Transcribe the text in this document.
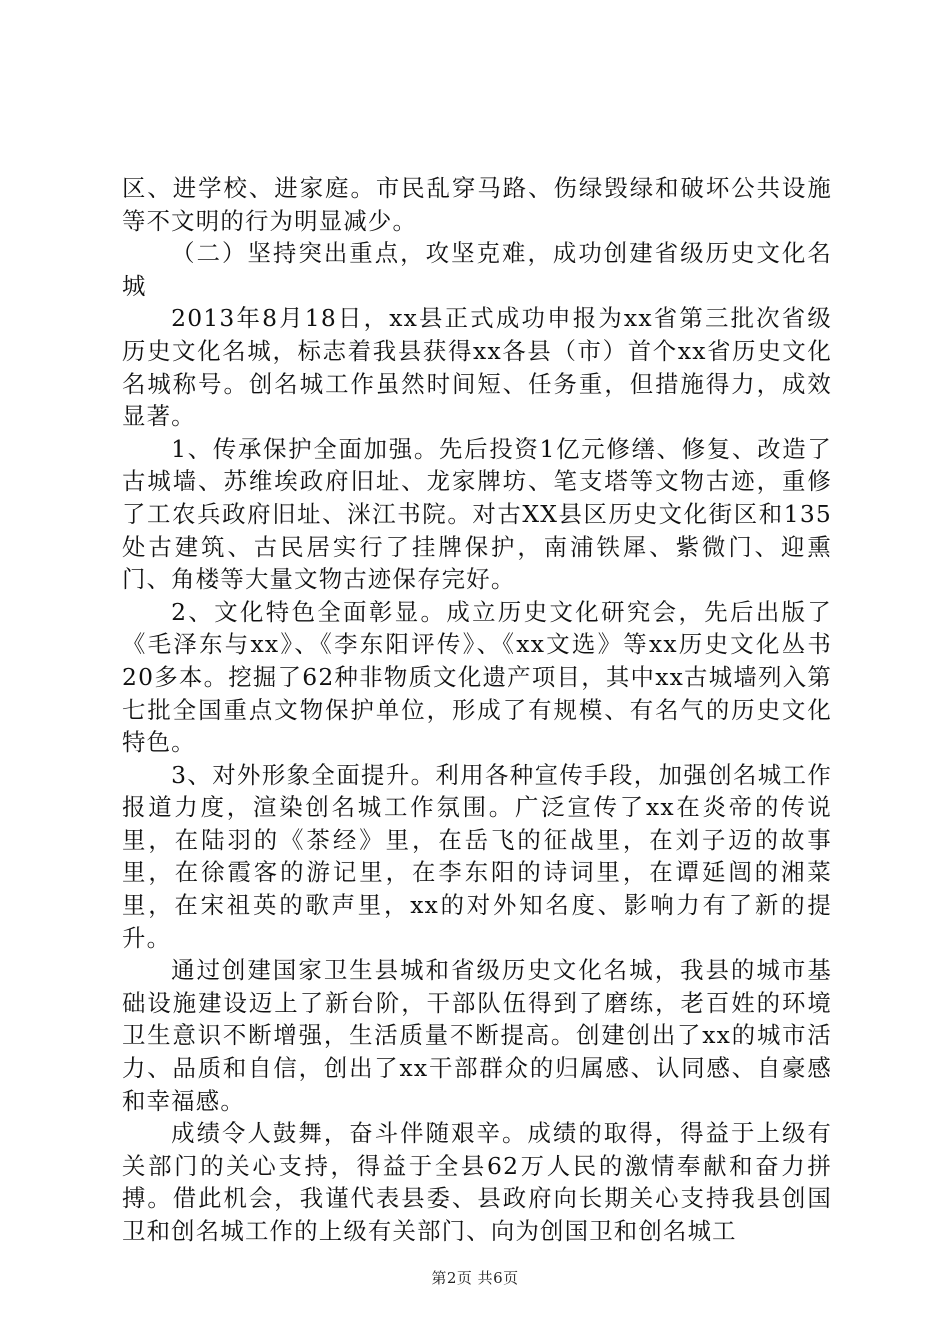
区、进学校、进家庭。市民乱穿马路、伤绿毁绿和破坏公共设施等不文明的行为明显减少。

（二）坚持突出重点，攻坚克难，成功创建省级历史文化名城

2013年8月18日，xx县正式成功申报为xx省第三批次省级历史文化名城，标志着我县获得xx各县（市）首个xx省历史文化名城称号。创名城工作虽然时间短、任务重，但措施得力，成效显著。

1、传承保护全面加强。先后投资1亿元修缮、修复、改造了古城墙、苏维埃政府旧址、龙家牌坊、笔支塔等文物古迹，重修了工农兵政府旧址、洣江书院。对古XX县区历史文化街区和135处古建筑、古民居实行了挂牌保护，南浦铁犀、紫微门、迎熏门、角楼等大量文物古迹保存完好。

2、文化特色全面彰显。成立历史文化研究会，先后出版了《毛泽东与xx》、《李东阳评传》、《xx文选》等xx历史文化丛书20多本。挖掘了62种非物质文化遗产项目，其中xx古城墙列入第七批全国重点文物保护单位，形成了有规模、有名气的历史文化特色。

3、对外形象全面提升。利用各种宣传手段，加强创名城工作报道力度，渲染创名城工作氛围。广泛宣传了xx在炎帝的传说里，在陆羽的《茶经》里，在岳飞的征战里，在刘子迈的故事里，在徐霞客的游记里，在李东阳的诗词里，在谭延闿的湘菜里，在宋祖英的歌声里，xx的对外知名度、影响力有了新的提升。

通过创建国家卫生县城和省级历史文化名城，我县的城市基础设施建设迈上了新台阶，干部队伍得到了磨练，老百姓的环境卫生意识不断增强，生活质量不断提高。创建创出了xx的城市活力、品质和自信，创出了xx干部群众的归属感、认同感、自豪感和幸福感。

成绩令人鼓舞，奋斗伴随艰辛。成绩的取得，得益于上级有关部门的关心支持，得益于全县62万人民的激情奉献和奋力拼搏。借此机会，我谨代表县委、县政府向长期关心支持我县创国卫和创名城工作的上级有关部门、向为创国卫和创名城工

第2页 共6页
